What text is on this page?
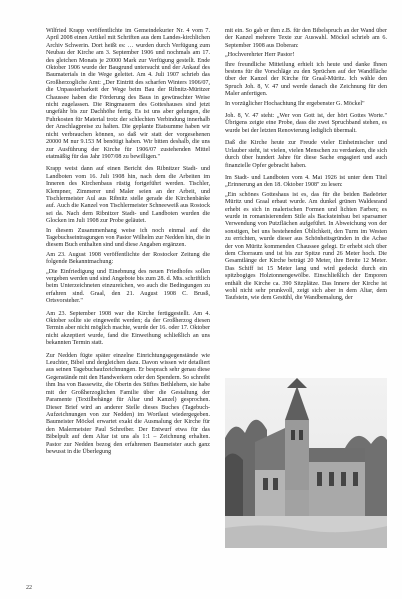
Wilfried Krapp veröffentlichte im Gemeindekurier Nr. 4 vom 7. April 2008 einen Artikel mit Schriften aus dem Landes-kirchlichen Archiv Schwerin. Dort heißt es: … wurden durch Verfügung zum Neubau der Kirche am 3. September 1906 und nochmals am 17. des gleichen Monats je 20000 Mark zur Verfügung gestellt. Ende Oktober 1906 wurde der Baugrund untersucht und der Ankauf des Baumaterials in die Wege geleitet. Am 4. Juli 1907 schrieb das Großherzogliche Amt: „Der Eintritt des scharfen Winters 1906/07, die Unpassierbarkeit der Wege beim Bau der Ribnitz-Müritzer Chaussee haben die Förderung des Baus in gewünschter Weise nicht zugelassen. Die Ringmauern des Gotteshauses sind jetzt ungefähr bis zur Dachhöhe fertig. Es ist uns aber gelungen, die Fuhrkosten für Material trotz der schlechten Verbindung innerhalb der Anschlagpreise zu halten. Die geplante Etatsumme haben wir nicht verbrauchen können, so daß wir statt der vorgesehenen 20000 M nur 9.153 M benötigt haben. Wir bitten deshalb, die uns zur Ausführung der Kirche für 1906/07 zustehenden Mittel etatmäßig für das Jahr 1907/08 zu bewilligen."

Krapp weist dann auf einen Bericht des Ribnitzer Stadt- und Landboten vom 16. Juli 1908 hin, nach dem die Arbeiten im Inneren des Kirchenbaus rüstig fortgeführt werden. Tischler, Klempner, Zimmerer und Maler seien an der Arbeit, und Tischlermeister Aul aus Ribnitz stelle gerade die Kirchenbänke auf. Auch die Kanzel von Tischlermeister Schneeweiß aus Rostock sei da. Nach dem Ribnitzer Stadt- und Landboten wurden die Glocken im Juli 1908 zur Probe geläutet.

In diesem Zusammenhang weise ich noch einmal auf die Tagebuchseintragungen von Pastor Wilhelm zur Nedden hin, die in diesem Buch enthalten sind und diese Angaben ergänzen.

Am 23. August 1908 veröffentlichte der Rostocker Zeitung die folgende Bekanntmachung:

„Die Einfriedigung und Einebnung des neuen Friedhofes sollen vergeben werden und sind Angebote bis zum 28. d. Mts. schriftlich beim Unterzeichneten einzureichen, wo auch die Bedingungen zu erfahren sind. Graal, den 21. August 1908 C. Brusß, Ortsvorsteher."

Am 23. September 1908 war die Kirche fertiggestellt. Am 4. Oktober sollte sie eingeweiht werden; da der Großherzog diesen Termin aber nicht möglich machte, wurde der 16. oder 17. Oktober nicht akzeptiert wurde, fand die Einweihung schließlich an uns bekannten Termin statt.

Zur Nedden fügte später einzelne Einrichtungsgegenstände wie Leuchter, Bibel und dergleichen dazu. Davon wissen wir detailiert aus seinen Tagebuchaufzeichnungen. Er besprach sehr genau diese Gegenstände mit den Handwerkern oder den Spendern. So schreibt ihm Ina von Bassewitz, die Oberin des Stiftes Bethlehem, sie habe mit der Großherzoglichen Familie über die Gestaltung der Paramente (Textilbehänge für Altar und Kanzel) gesprochen. Dieser Brief wird an anderer Stelle dieses Buches (Tagebuch-Aufzeichnungen von zur Nedden) im Wortlaut wiedergegeben. Baumeister Möckel erwartet exakt die Ausmalung der Kirche für den Malermeister Paul Schreiber. Der Entwurf etwa für das Bibelpult auf dem Altar ist uns als 1:1 – Zeichnung erhalten. Pastor zur Nedden bezog den erfahrenen Baumeister auch ganz bewusst in die Überlegung

mit ein. So gab er ihm z.B. für den Bibelspruch an der Wand über der Kanzel mehrere Texte zur Auswahl. Möckel schrieb am 6. September 1908 aus Doberan:

„Hochverehrter Herr Pastor!

Ihre freundliche Mitteilung erhielt ich heute und danke Ihnen bestens für die Vorschläge zu den Sprüchen auf der Wandfläche über der Kanzel der Kirche für Graal-Müritz. Ich wähle den Spruch Joh. 8, V. 47 und werde danach die Zeichnung für den Maler anfertigen.

In vorzüglicher Hochachtung Ihr ergebenster G. Möckel"

Joh. 8, V. 47 steht: „Wer von Gott ist, der hört Gottes Worte." Übrigens zeigte eine Probe, dass die zwei Spruchband stehen, es wurde bei der letzten Renovierung lediglich übermalt.

Daß die Kirche heute zur Freude vieler Einheimischer und Urlauber steht, ist vielen, vielen Menschen zu verdanken, die sich durch über hundert Jahre für diese Sache engagiert und auch finanzielle Opfer gebracht haben.

Im Stadt- und Landboten vom 4. Mai 1926 ist unter dem Titel „Erinnerung an den 18. Oktober 1908" zu lesen:

„Ein schönes Gotteshaus ist es, das für die beiden Badeörter Müritz und Graal erbaut wurde. Am dunkel grünen Waldesrand erhebt es sich in malerischen Formen und lichten Farben; es wurde in romanisierendem Stile als Backsteinbau bei sparsamer Verwendung von Putzflächen aufgeführt. In Abweichung von der sonstigen, bei uns bestehenden Üblichkeit, den Turm im Westen zu errichten, wurde dieser aus Schönheitsgründen in die Achse der von Müritz kommenden Chaussee gelegt. Er erhebt sich über dem Chorraum und ist bis zur Spitze rund 26 Meter hoch. Die Gesamtlänge der Kirche beträgt 20 Meter, ihre Breite 12 Meter. Das Schiff ist 15 Meter lang und wird gedeckt durch ein spitzbogiges Holztonnengewölbe. Einschließlich der Emporen enthält die Kirche ca. 390 Sitzplätze. Das Innere der Kirche ist wohl nicht sehr prunkvoll, zeigt sich aber in dem Altar, dem Taufstein, wie dem Gestühl, die Wandbemalung, der

22
